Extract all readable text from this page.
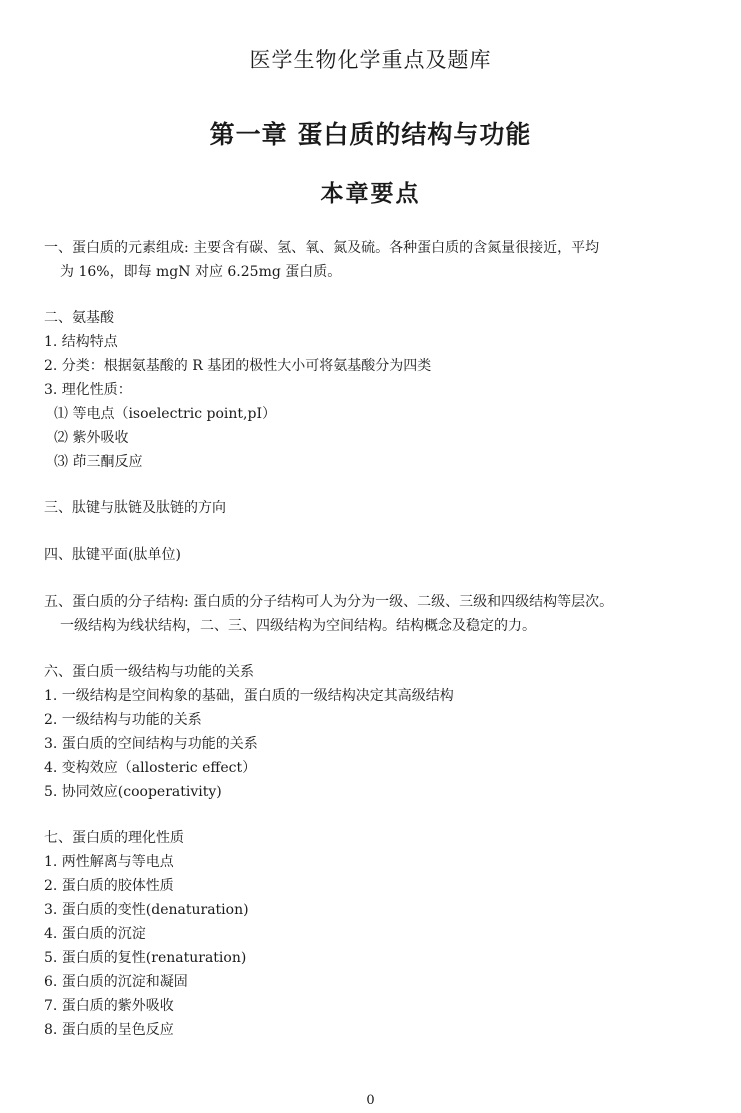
医学生物化学重点及题库
第一章 蛋白质的结构与功能
本章要点
一、蛋白质的元素组成: 主要含有碳、氢、氧、氮及硫。各种蛋白质的含氮量很接近，平均
为 16%，即每 mgN 对应 6.25mg 蛋白质。
二、氨基酸
1. 结构特点
2. 分类：根据氨基酸的 R 基团的极性大小可将氨基酸分为四类
3. 理化性质：
⑴ 等电点（isoelectric point,pI）
⑵ 紫外吸收
⑶ 茚三酮反应
三、肽键与肽链及肽链的方向
四、肽键平面(肽单位)
五、蛋白质的分子结构: 蛋白质的分子结构可人为分为一级、二级、三级和四级结构等层次。
一级结构为线状结构，二、三、四级结构为空间结构。结构概念及稳定的力。
六、蛋白质一级结构与功能的关系
1. 一级结构是空间构象的基础，蛋白质的一级结构决定其高级结构
2. 一级结构与功能的关系
3. 蛋白质的空间结构与功能的关系
4. 变构效应（allosteric effect）
5. 协同效应(cooperativity)
七、蛋白质的理化性质
1. 两性解离与等电点
2. 蛋白质的胶体性质
3. 蛋白质的变性(denaturation)
4. 蛋白质的沉淀
5. 蛋白质的复性(renaturation)
6. 蛋白质的沉淀和凝固
7. 蛋白质的紫外吸收
8. 蛋白质的呈色反应
0
